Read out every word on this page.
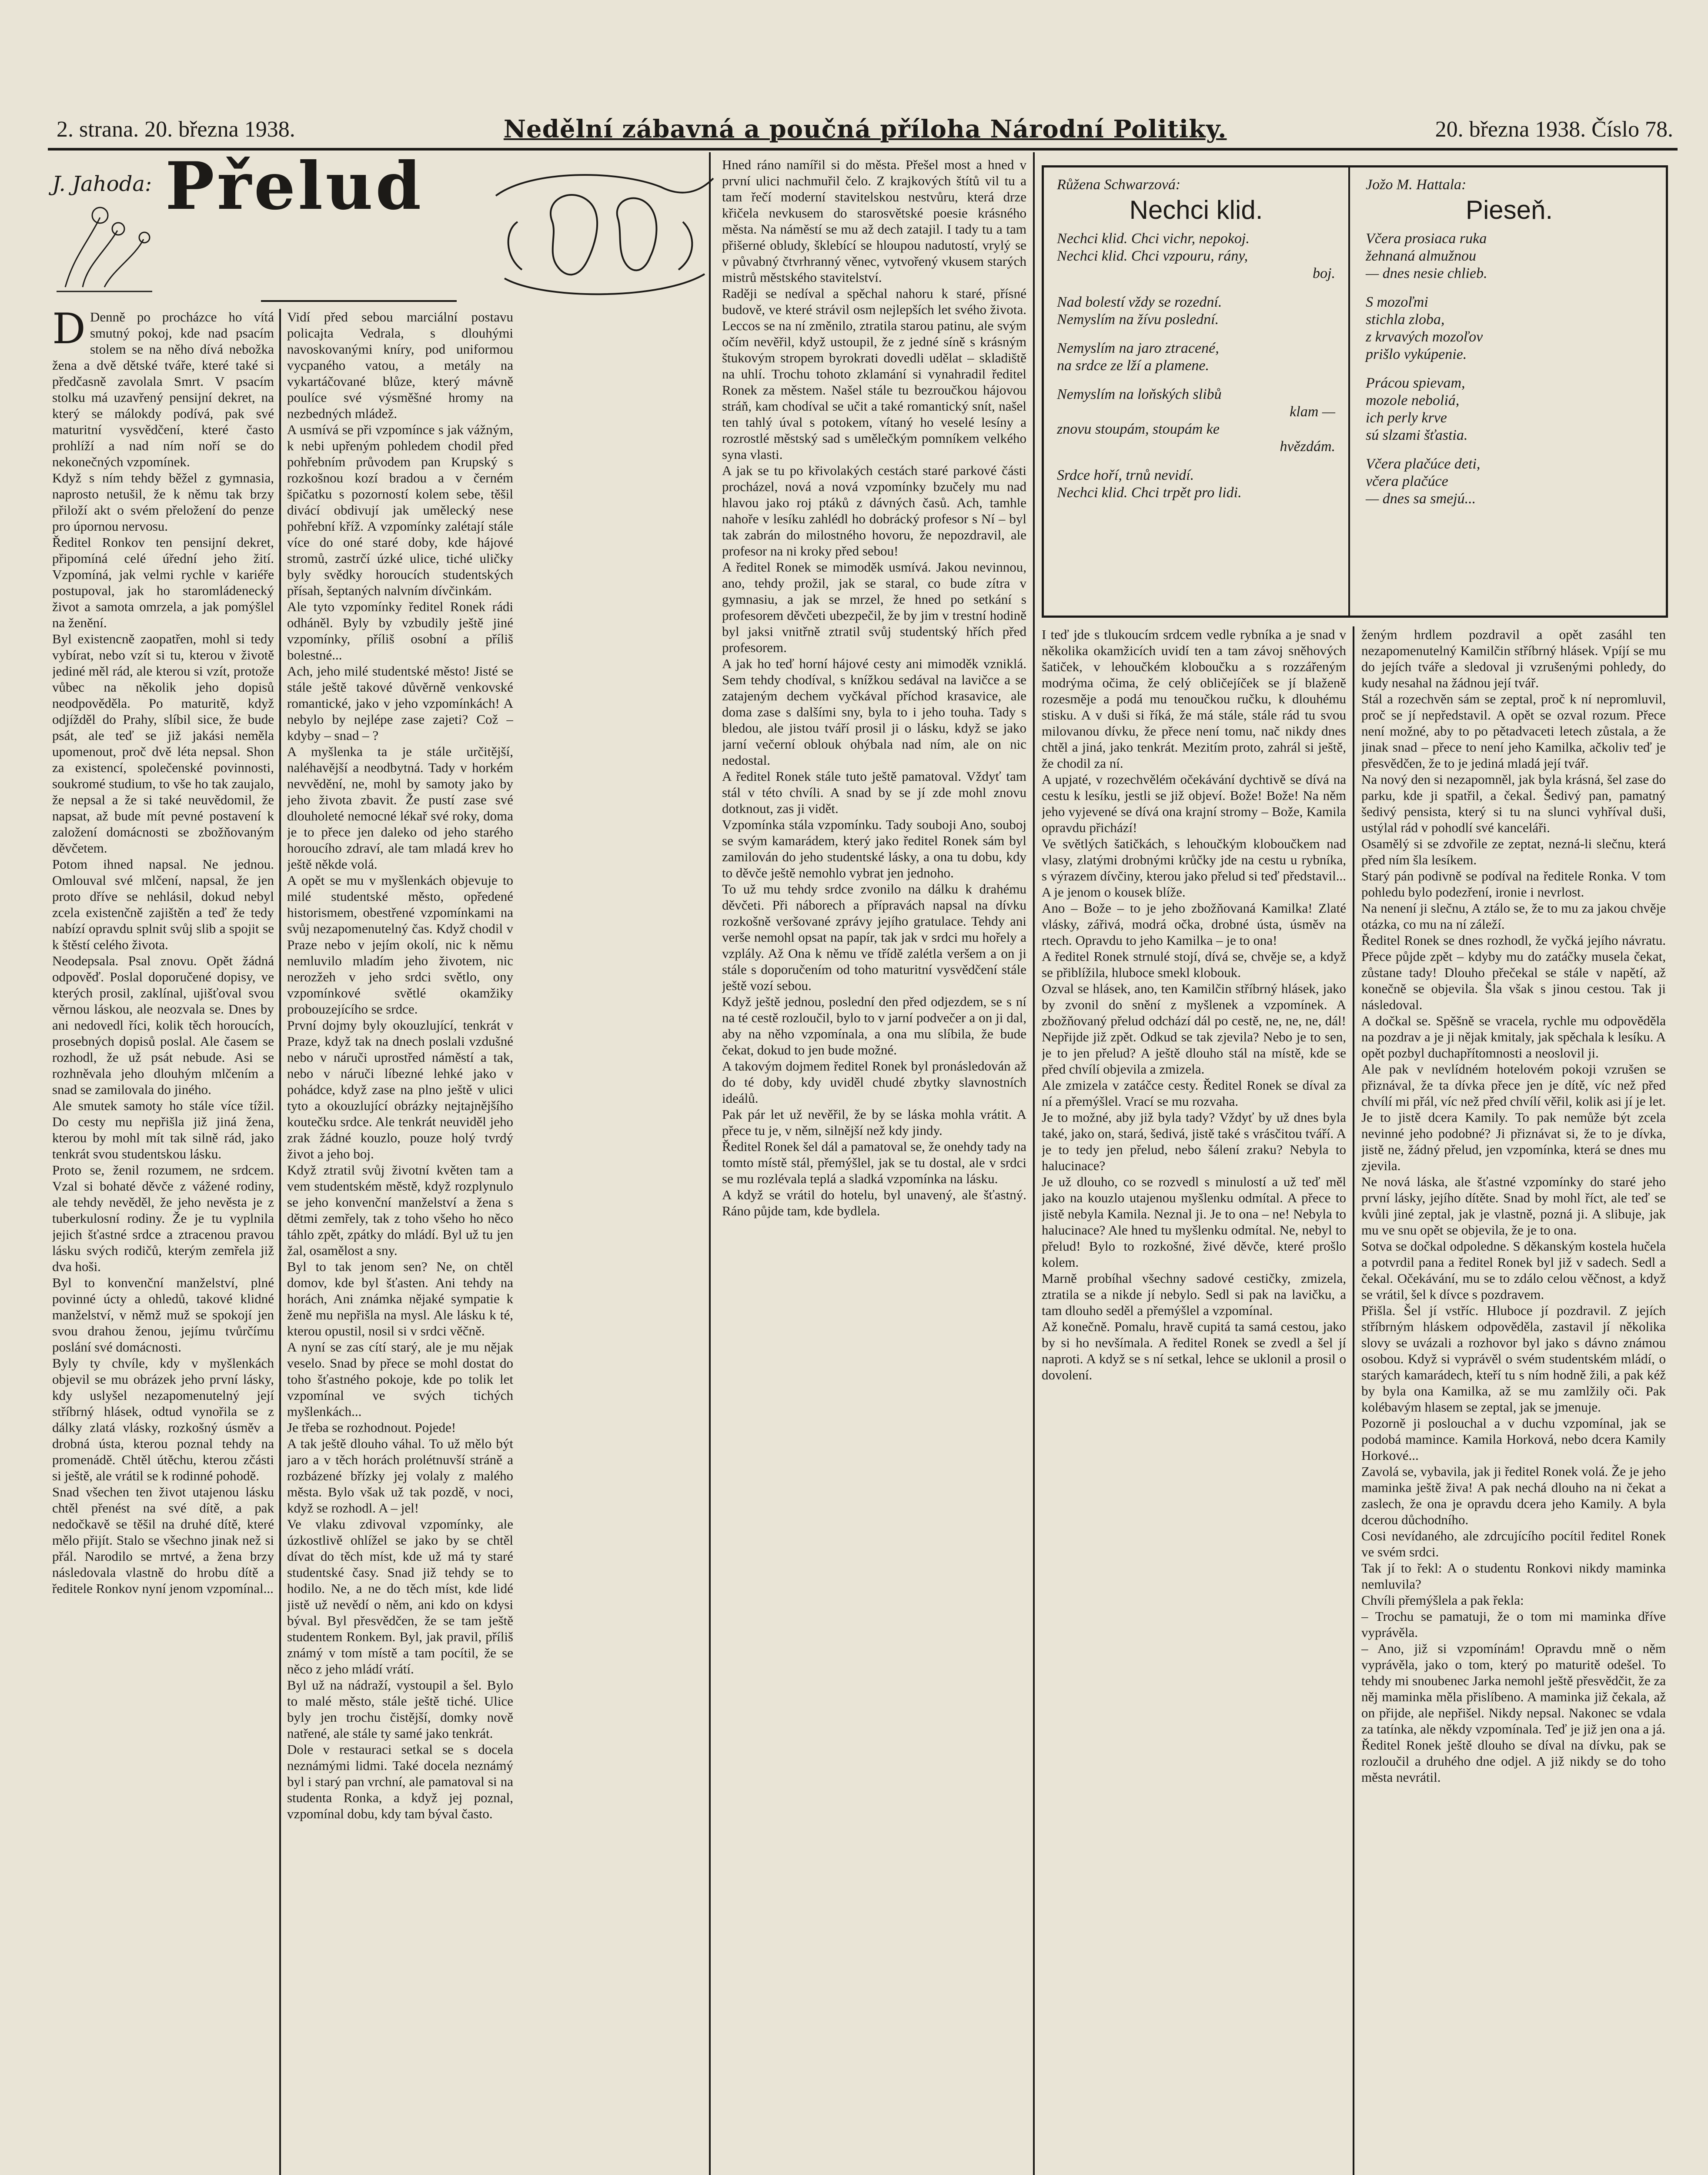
2. strana. 20. března 1938.	Nedělní zábavná a poučná příloha Národní Politiky.	20. března 1938. Číslo 78.
J. Jahoda: Přelud
D Denně po procházce ho vítá smutný pokoj, kde nad psacím stolem se na něho dívá nebožka žena a dvě dětské tváře, které také si předčasně zavolala Smrt. V psacím stolku má uzavřený pensijní dekret, na který se málokdy podívá, pak své maturitní vysvědčení, které často prohlíží a nad ním noří se do nekonečných vzpomínek.
Když s ním tehdy běžel z gymnasia, naprosto netušil, že k němu tak brzy přiloží akt o svém přeložení do penze pro úpornou nervosu.
Ředitel Ronkov ten pensijní dekret, připomíná celé úřední jeho žití. Vzpomíná, jak velmi rychle v kariéře postupoval, jak ho staromládenecký život a samota omrzela, a jak pomýšlel na ženění.
Byl existencně zaopatřen, mohl si tedy vybírat, nebo vzít si tu, kterou v životě jediné měl rád, ale kterou si vzít, protože vůbec na několik jeho dopisů neodpověděla. Po maturitě, když odjížděl do Prahy, slíbil sice, že bude psát, ale teď se již jakási neměla upomenout, proč dvě léta nepsal. Shon za existencí, společenské povinnosti, soukromé studium, to vše ho tak zaujalo, že nepsal a že si také neuvědomil, že napsat, až bude mít pevné postavení k založení domácnosti se zbožňovaným děvčetem.
Potom ihned napsal. Ne jednou. Omlouval své mlčení, napsal, že jen proto dříve se nehlásil, dokud nebyl zcela existenčně zajištěn a teď že tedy nabízí opravdu splnit svůj slib a spojit se k štěstí celého života.
Neodepsala. Psal znovu. Opět žádná odpověď. Poslal doporučené dopisy, ve kterých prosil, zaklínal, ujišťoval svou věrnou láskou, ale neozvala se. Dnes by ani nedovedl říci, kolik těch horoucích, prosebných dopisů poslal. Ale časem se rozhodl, že už psát nebude. Asi se rozhněvala jeho dlouhým mlčením a snad se zamilovala do jiného.
Ale smutek samoty ho stále více tížil. Do cesty mu nepřišla již jiná žena, kterou by mohl mít tak silně rád, jako tenkrát svou studentskou lásku.
Proto se, ženil rozumem, ne srdcem. Vzal si bohaté děvče z vážené rodiny, ale tehdy nevěděl, že jeho nevěsta je z tuberkulosní rodiny. Že je tu vyplnila jejich šťastné srdce a ztracenou pravou lásku svých rodičů, kterým zemřela již dva hoši.
Byl to konvenční manželství, plné povinné úcty a ohledů, takové klidné manželství, v němž muž se spokojí jen svou drahou ženou, jejímu tvůrčímu poslání své domácnosti.
Byly ty chvíle, kdy v myšlenkách objevil se mu obrázek jeho první lásky, kdy uslyšel nezapomenutelný její stříbrný hlásek, odtud vynořila se z dálky zlatá vlásky, rozkošný úsměv a drobná ústa, kterou poznal tehdy na promenádě. Chtěl útěchu, kterou zčásti si ještě, ale vrátil se k rodinné pohodě.
Snad všechen ten život utajenou lásku chtěl přenést na své dítě, a pak nedočkavě se těšil na druhé dítě, které mělo přijít. Stalo se všechno jinak než si přál. Narodilo se mrtvé, a žena brzy následovala vlastně do hrobu dítě a ředitele Ronkov nyní jenom vzpomínal...
Vidí před sebou marciální postavu policajta Vedrala, s dlouhými navoskovanými kníry, pod uniformou vycpaného vatou, a metály na vykartáčované blůze, který mávně poulíce své výsměšné hromy na nezbedných mládež.
A usmívá se při vzpomínce s jak vážným, k nebi upřeným pohledem chodil před pohřebním průvodem pan Krupský s rozkošnou kozí bradou a v černém špičatku s pozorností kolem sebe, těšil divácí obdivují jak umělecký nese pohřební kříž. A vzpomínky zalétají stále více do oné staré doby, kde hájové stromů, zastrčí úzké ulice, tiché uličky byly svědky horoucích studentských přísah, šeptaných nalvním dívčinkám.
Ale tyto vzpomínky ředitel Ronek rádi odháněl. Byly by vzbudily ještě jiné vzpomínky, příliš osobní a příliš bolestné...
Ach, jeho milé studentské město! Jisté se stále ještě takové důvěrně venkovské romantické, jako v jeho vzpomínkách! A nebylo by nejlépe zase zajeti? Což – kdyby – snad – ?
A myšlenka ta je stále určitější, naléhavější a neodbytná. Tady v horkém nevvědění, ne, mohl by samoty jako by jeho života zbavit. Že pustí zase své dlouholeté nemocné lékař své roky, doma je to přece jen daleko od jeho starého horoucího zdraví, ale tam mladá krev ho ještě někde volá.
A opět se mu v myšlenkách objevuje to milé studentské město, opředené historismem, obestřené vzpomínkami na svůj nezapomenutelný čas. Když chodil v Praze nebo v jejím okolí, nic k němu nemluvilo mladím jeho životem, nic nerozžeh v jeho srdci světlo, ony vzpomínkové světlé okamžiky probouzejícího se srdce.
První dojmy byly okouzlující, tenkrát v Praze, když tak na dnech poslali vzdušné nebo v náruči uprostřed náměstí a tak, nebo v náruči líbezné lehké jako v pohádce, když zase na plno ještě v ulici tyto a okouzlující obrázky nejtajnějšího koutečku srdce. Ale tenkrát neuviděl jeho zrak žádné kouzlo, pouze holý tvrdý život a jeho boj.
Když ztratil svůj životní květen tam a vem studentském městě, když rozplynulo se jeho konvenční manželství a žena s dětmi zemřely, tak z toho všeho ho něco táhlo zpět, zpátky do mládí. Byl už tu jen žal, osamělost a sny.
Byl to tak jenom sen? Ne, on chtěl domov, kde byl šťasten. Ani tehdy na horách, Ani známka nějaké sympatie k ženě mu nepřišla na mysl. Ale lásku k té, kterou opustil, nosil si v srdci věčně.
A nyní se zas cítí starý, ale je mu nějak veselo. Snad by přece se mohl dostat do toho šťastného pokoje, kde po tolik let vzpomínal ve svých tichých myšlenkách...
Je třeba se rozhodnout. Pojede!
A tak ještě dlouho váhal. To už mělo být jaro a v těch horách prolétnuvší stráně a rozbázené břízky jej volaly z malého města. Bylo však už tak pozdě, v noci, když se rozhodl. A – jel!
Ve vlaku zdivoval vzpomínky, ale úzkostlivě ohlížel se jako by se chtěl dívat do těch míst, kde už má ty staré studentské časy. Snad již tehdy se to hodilo. Ne, a ne do těch míst, kde lidé jistě už nevědí o něm, ani kdo on kdysi býval. Byl přesvědčen, že se tam ještě studentem Ronkem. Byl, jak pravil, příliš známý v tom místě a tam pocítil, že se něco z jeho mládí vrátí.
Byl už na nádraží, vystoupil a šel. Bylo to malé město, stále ještě tiché. Ulice byly jen trochu čistější, domky nově natřené, ale stále ty samé jako tenkrát.
Dole v restauraci setkal se s docela neznámými lidmi. Také docela neznámý byl i starý pan vrchní, ale pamatoval si na studenta Ronka, a když jej poznal, vzpomínal dobu, kdy tam býval často.
Hned ráno namířil si do města. Přešel most a hned v první ulici nachmuřil čelo. Z krajkových štítů vil tu a tam řečí moderní stavitelskou nestvůru, která drze křičela nevkusem do starosvětské poesie krásného města. Na náměstí se mu až dech zatajil. I tady tu a tam přišerné obludy, šklebící se hloupou nadutostí, vrylý se v půvabný čtvrhranný věnec, vytvořený vkusem starých mistrů městského stavitelství.
Raději se nedíval a spěchal nahoru k staré, přísné budově, ve které strávil osm nejlepších let svého života. Leccos se na ní změnilo, ztratila starou patinu, ale svým očím nevěřil, když ustoupil, že z jedné síně s krásným štukovým stropem byrokrati dovedli udělat – skladiště na uhlí. Trochu tohoto zklamání si vynahradil ředitel Ronek za městem. Našel stále tu bezroučkou hájovou stráň, kam chodíval se učit a také romantický snít, našel ten tahlý úval s potokem, vítaný ho veselé lesíny a rozrostlé městský sad s umělečkým pomníkem velkého syna vlasti.
A jak se tu po křivolakých cestách staré parkové části procházel, nová a nová vzpomínky bzučely mu nad hlavou jako roj ptáků z dávných časů. Ach, tamhle nahoře v lesíku zahlédl ho dobrácký profesor s Ní – byl tak zabrán do milostného hovoru, že nepozdravil, ale profesor na ni kroky před sebou!
A ředitel Ronek se mimoděk usmívá. Jakou nevinnou, ano, tehdy prožil, jak se staral, co bude zítra v gymnasiu, a jak se mrzel, že hned po setkání s profesorem děvčeti ubezpečil, že by jim v trestní hodině byl jaksi vnitřně ztratil svůj studentský hřích před profesorem.
A jak ho teď horní hájové cesty ani mimoděk vzniklá. Sem tehdy chodíval, s knížkou sedával na lavičce a se zatajeným dechem vyčkával příchod krasavice, ale doma zase s dalšími sny, byla to i jeho touha. Tady s bledou, ale jistou tváří prosil ji o lásku, když se jako jarní večerní oblouk ohýbala nad ním, ale on nic nedostal.
A ředitel Ronek stále tuto ještě pamatoval. Vždyť tam stál v této chvíli. A snad by se jí zde mohl znovu dotknout, zas ji vidět.
Vzpomínka stála vzpomínku. Tady souboji Ano, souboj se svým kamarádem, který jako ředitel Ronek sám byl zamilován do jeho studentské lásky, a ona tu dobu, kdy to děvče ještě nemohlo vybrat jen jednoho.
To už mu tehdy srdce zvonilo na dálku k drahému děvčeti. Při náborech a přípravách napsal na dívku rozkošně veršované zprávy jejího gratulace. Tehdy ani verše nemohl opsat na papír, tak jak v srdci mu hořely a vzplály. Až Ona k němu ve třídě zalétla veršem a on ji stále s doporučením od toho maturitní vysvědčení stále ještě vozí sebou.
Když ještě jednou, poslední den před odjezdem, se s ní na té cestě rozloučil, bylo to v jarní podvečer a on ji dal, aby na něho vzpomínala, a ona mu slíbila, že bude čekat, dokud to jen bude možné.
A takovým dojmem ředitel Ronek byl pronásledován až do té doby, kdy uviděl chudé zbytky slavnostních ideálů.
Pak pár let už nevěřil, že by se láska mohla vrátit. A přece tu je, v něm, silnější než kdy jindy.
Ředitel Ronek šel dál a pamatoval se, že onehdy tady na tomto místě stál, přemýšlel, jak se tu dostal, ale v srdci se mu rozlévala teplá a sladká vzpomínka na lásku.
A když se vrátil do hotelu, byl unavený, ale šťastný. Ráno půjde tam, kde bydlela.
Růžena Schwarzová:
Nechci klid.
Nechci klid. Chci vichr, nepokoj.
Nechci klid. Chci vzpouru, rány,
boj.
Nad bolestí vždy se rozední.
Nemyslím na žívu poslední.
Nemyslím na jaro ztracené,
na srdce ze lží a plamene.
Nemyslím na loňských slibů
klam —
znovu stoupám, stoupám ke
hvězdám.
Srdce hoří, trnů nevidí.
Nechci klid. Chci trpět pro lidi.
Jožo M. Hattala:
Pieseň.
Včera prosiaca ruka
žehnaná almužnou
— dnes nesie chlieb.
S mozoľmi
stichla zloba,
z krvavých mozoľov
prišlo vykúpenie.
Prácou spievam,
mozole neboliá,
ich perly krve
sú slzami šťastia.
Včera plačúce deti,
včera plačúce
— dnes sa smejú...
I teď jde s tlukoucím srdcem vedle rybníka a je snad v několika okamžicích uvidí ten a tam závoj sněhových šatiček, v lehoučkém kloboučku a s rozzářeným modrýma očima, že celý obličejíček se jí blaženě rozesměje a podá mu tenoučkou ručku, k dlouhému stisku. A v duši si říká, že má stále, stále rád tu svou milovanou dívku, že přece není tomu, nač nikdy dnes chtěl a jiná, jako tenkrát. Mezitím proto, zahrál si ještě, že chodil za ní.
A upjaté, v rozechvělém očekávání dychtivě se dívá na cestu k lesíku, jestli se již objeví. Bože! Bože! Na něm jeho vyjevené se dívá ona krajní stromy – Bože, Kamila opravdu přichází!
Ve světlých šatičkách, s lehoučkým kloboučkem nad vlasy, zlatými drobnými krůčky jde na cestu u rybníka, s výrazem dívčiny, kterou jako přelud si teď představil... A je jenom o kousek blíže.
Ano – Bože – to je jeho zbožňovaná Kamilka! Zlaté vlásky, zářivá, modrá očka, drobné ústa, úsměv na rtech. Opravdu to jeho Kamilka – je to ona!
A ředitel Ronek strnulé stojí, dívá se, chvěje se, a když se přiblížila, hluboce smekl klobouk.
Ozval se hlásek, ano, ten Kamilčin stříbrný hlásek, jako by zvonil do snění z myšlenek a vzpomínek. A zbožňovaný přelud odchází dál po cestě, ne, ne, ne, dál! Nepřijde již zpět. Odkud se tak zjevila? Nebo je to sen, je to jen přelud? A ještě dlouho stál na místě, kde se před chvílí objevila a zmizela.
Ale zmizela v zatáčce cesty. Ředitel Ronek se díval za ní a přemýšlel. Vrací se mu rozvaha.
Je to možné, aby již byla tady? Vždyť by už dnes byla také, jako on, stará, šedivá, jistě také s vrásčitou tváří. A je to tedy jen přelud, nebo šálení zraku? Nebyla to halucinace?
Je už dlouho, co se rozvedl s minulostí a už teď měl jako na kouzlo utajenou myšlenku odmítal. A přece to jistě nebyla Kamila. Neznal ji. Je to ona – ne! Nebyla to halucinace? Ale hned tu myšlenku odmítal. Ne, nebyl to přelud! Bylo to rozkošné, živé děvče, které prošlo kolem.
Marně probíhal všechny sadové cestičky, zmizela, ztratila se a nikde jí nebylo. Sedl si pak na lavičku, a tam dlouho seděl a přemýšlel a vzpomínal.
Až konečně. Pomalu, hravě cupitá ta samá cestou, jako by si ho nevšímala. A ředitel Ronek se zvedl a šel jí naproti. A když se s ní setkal, lehce se uklonil a prosil o dovolení.
ženým hrdlem pozdravil a opět zasáhl ten nezapomenutelný Kamilčin stříbrný hlásek. Vpíjí se mu do jejích tváře a sledoval ji vzrušenými pohledy, do kudy nesahal na žádnou její tvář.
Stál a rozechvěn sám se zeptal, proč k ní nepromluvil, proč se jí nepředstavil. A opět se ozval rozum. Přece není možné, aby to po pětadvaceti letech zůstala, a že jinak snad – přece to není jeho Kamilka, ačkoliv teď je přesvědčen, že to je jediná mladá její tvář.
Na nový den si nezapomněl, jak byla krásná, šel zase do parku, kde ji spatřil, a čekal. Šedivý pan, pamatný šedivý pensista, který si tu na slunci vyhříval duši, ustýlal rád v pohodlí své kanceláři.
Osamělý si se zdvořile ze zeptat, nezná-li slečnu, která před ním šla lesíkem.
Starý pán podivně se podíval na ředitele Ronka. V tom pohledu bylo podezření, ironie i nevrlost.
Na nenení ji slečnu, A ztálo se, že to mu za jakou chvěje otázka, co mu na ní záleží.
Ředitel Ronek se dnes rozhodl, že vyčká jejího návratu. Přece půjde zpět – kdyby mu do zatáčky musela čekat, zůstane tady! Dlouho přečekal se stále v napětí, až konečně se objevila. Šla však s jinou cestou. Tak ji následoval.
A dočkal se. Spěšně se vracela, rychle mu odpověděla na pozdrav a je ji nějak kmitaly, jak spěchala k lesíku. A opět pozbyl duchapřítomnosti a neoslovil ji.
Ale pak v nevlídném hotelovém pokoji vzrušen se přiznával, že ta dívka přece jen je dítě, víc než před chvílí mi přál, víc než před chvílí věřil, kolik asi jí je let. Je to jistě dcera Kamily. To pak nemůže být zcela nevinné jeho podobné? Ji přiznávat si, že to je dívka, jistě ne, žádný přelud, jen vzpomínka, která se dnes mu zjevila.
Ne nová láska, ale šťastné vzpomínky do staré jeho první lásky, jejího dítěte. Snad by mohl říct, ale teď se kvůli jiné zeptal, jak je vlastně, pozná ji. A slibuje, jak mu ve snu opět se objevila, že je to ona.
Sotva se dočkal odpoledne. S děkanským kostela hučela a potvrdil pana a ředitel Ronek byl již v sadech. Sedl a čekal. Očekávání, mu se to zdálo celou věčnost, a když se vrátil, šel k dívce s pozdravem.
Přišla. Šel jí vstříc. Hluboce jí pozdravil. Z jejích stříbrným hláskem odpověděla, zastavil jí několika slovy se uvázali a rozhovor byl jako s dávno známou osobou. Když si vyprávěl o svém studentském mládí, o starých kamarádech, kteří tu s ním hodně žili, a pak kéž by byla ona Kamilka, až se mu zamlžily oči. Pak kolébavým hlasem se zeptal, jak se jmenuje.
Pozorně ji poslouchal a v duchu vzpomínal, jak se podobá mamince. Kamila Horková, nebo dcera Kamily Horkové...
Zavolá se, vybavila, jak ji ředitel Ronek volá. Že je jeho maminka ještě živa! A pak nechá dlouho na ni čekat a zaslech, že ona je opravdu dcera jeho Kamily. A byla dcerou důchodního.
Cosi nevídaného, ale zdrcujícího pocítil ředitel Ronek ve svém srdci.
Tak jí to řekl: A o studentu Ronkovi nikdy maminka nemluvila?
Chvíli přemýšlela a pak řekla:
– Trochu se pamatuji, že o tom mi maminka dříve vyprávěla.
– Ano, již si vzpomínám! Opravdu mně o něm vyprávěla, jako o tom, který po maturitě odešel. To tehdy mi snoubenec Jarka nemohl ještě přesvědčit, že za něj maminka měla přislíbeno. A maminka již čekala, až on přijde, ale nepřišel. Nikdy nepsal. Nakonec se vdala za tatínka, ale někdy vzpomínala. Teď je již jen ona a já.
Ředitel Ronek ještě dlouho se díval na dívku, pak se rozloučil a druhého dne odjel. A již nikdy se do toho města nevrátil.
